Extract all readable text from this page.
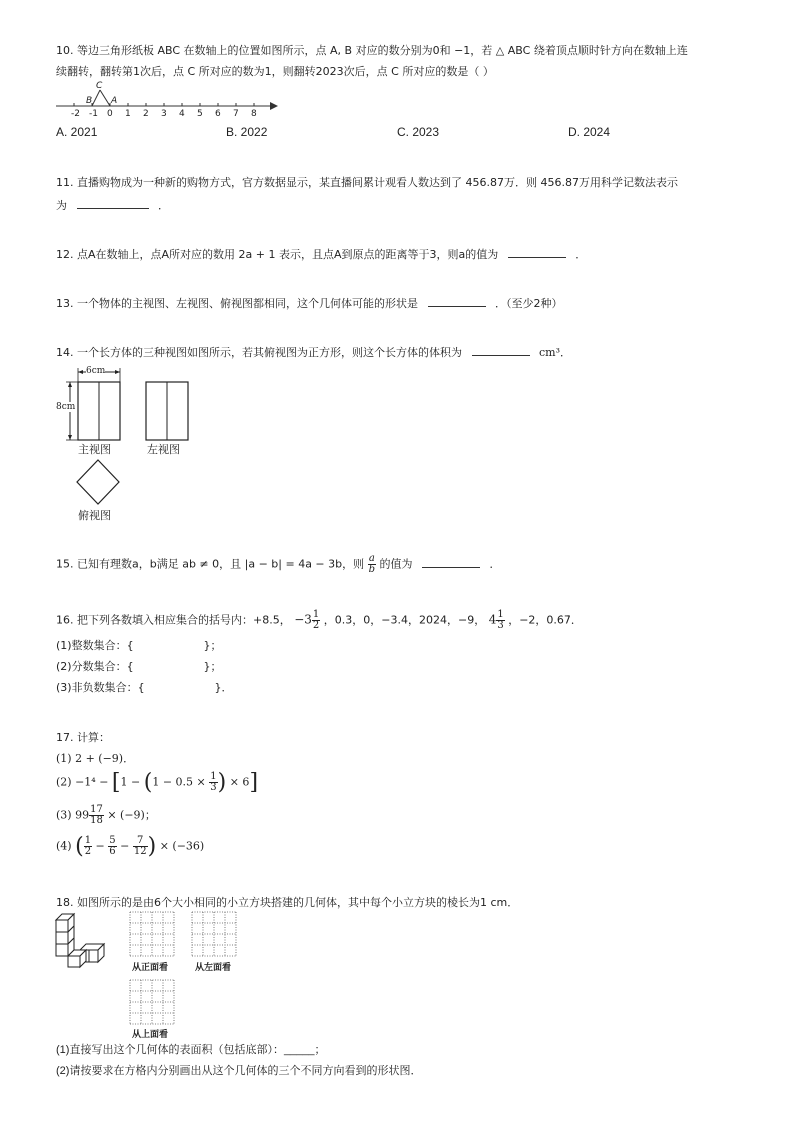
10. 等边三角形纸板 ABC 在数轴上的位置如图所示，点 A, B 对应的数分别为0和 −1，若 △ ABC 绕着顶点顺时针方向在数轴上连
续翻转，翻转第1次后，点 C 所对应的数为1，则翻转2023次后，点 C 所对应的数是（ ）
C
B A
-2 -1 0 1 2 3 4 5 6 7 8
A. 2021	B. 2022	C. 2023	D. 2024
11. 直播购物成为一种新的购物方式，官方数据显示，某直播间累计观看人数达到了 456.87万．则 456.87万用科学记数法表示
为	．
12. 点A在数轴上，点A所对应的数用 2a + 1 表示，且点A到原点的距离等于3，则a的值为	．
13. 一个物体的主视图、左视图、俯视图都相同，这个几何体可能的形状是	．（至少2种）
14. 一个长方体的三种视图如图所示，若其俯视图为正方形，则这个长方体的体积为	cm³．
6cm
8cm
主视图	左视图
俯视图
15. 已知有理数a，b满足 ab ≠ 0，且 |a − b| = 4a − 3b，则 $\frac{a}{b}$ 的值为	．
16. 把下列各数填入相应集合的括号内：+8.5， $-3 \frac{1}{2}$ ，0.3，0，−3.4，2024，−9， $4 \frac{1}{3}$ ，−2，0.6̇7̇．
(1)整数集合：{                    }；
(2)分数集合：{                    }；
(3)非负数集合：{                    }．
17. 计算：
(1) 2 + (−9)．
$(2) -1^4 - [1 - (1 - 0.5 \times \frac{1}{3}$ ) × 6]
(3) $99 \frac{17}{18} \times (-9)$；
(4) ( $\frac{1}{2} - \frac{5}{6} - \frac{7}{12}$ ) × (−36)
18. 如图所示的是由6个大小相同的小立方块搭建的几何体，其中每个小立方块的棱长为1 cm．
从正面看	从左面看
从上面看
(1)直接写出这个几何体的表面积（包括底部）：_____；
(2)请按要求在方格内分别画出从这个几何体的三个不同方向看到的形状图．
